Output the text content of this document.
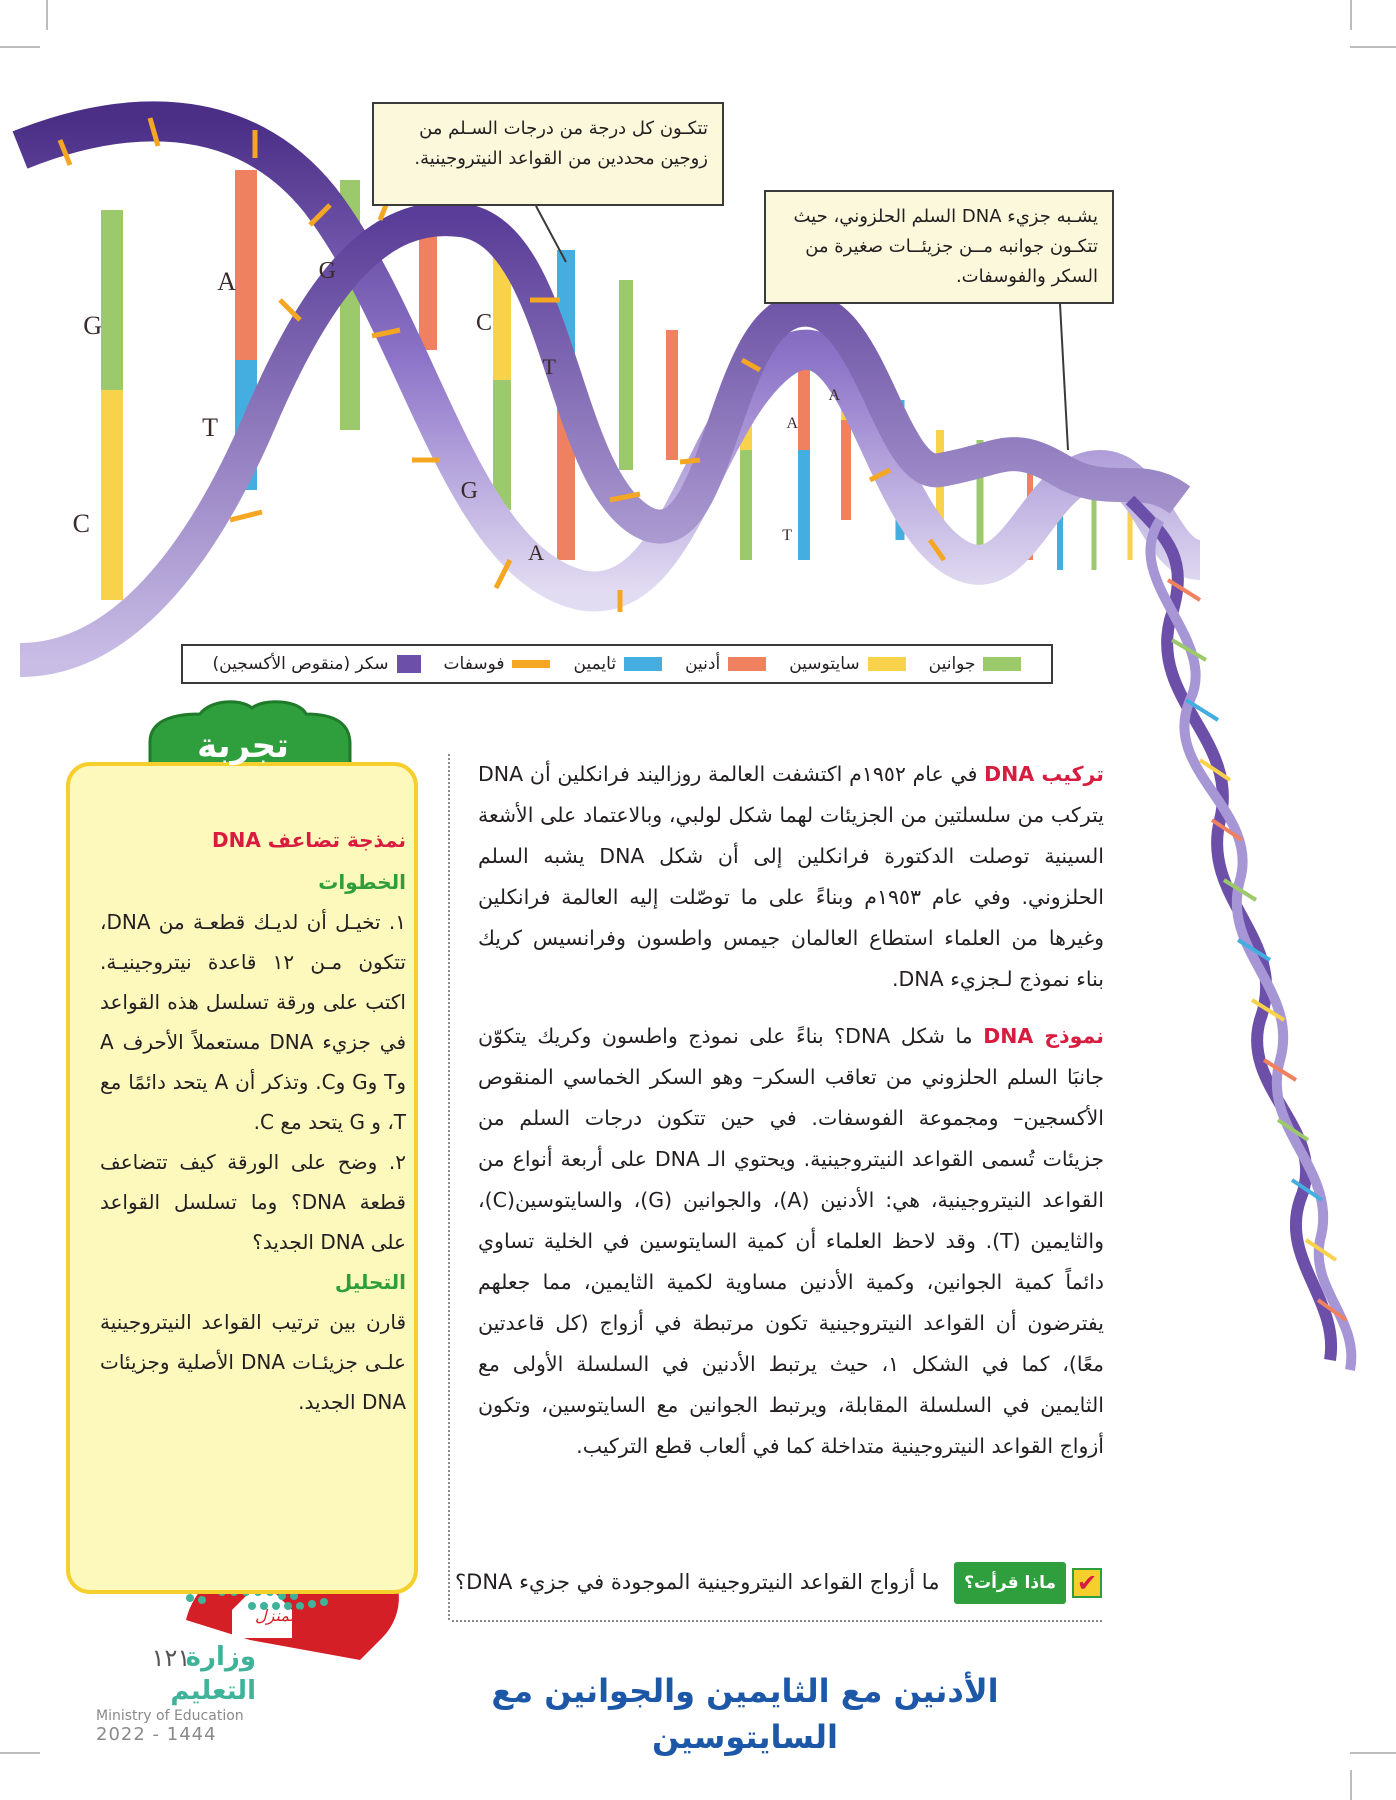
G
C
A
T
G
C
T
G
A
A
A
T
تتكـون كل درجة من درجات السـلم من زوجين محددين من القواعد النيتروجينية.
يشـبه جزيء DNA السلم الحلزوني، حيث تتكـون جوانبه مــن جزيئــات صغيرة من السكر والفوسفات.
جوانين
سايتوسين
أدنين
ثايمين
فوسفات
سكر (منقوص الأكسجين)

تركيب DNA في عام ١٩٥٢م اكتشفت العالمة روزاليند فرانكلين أن DNA يتركب من سلسلتين من الجزيئات لهما شكل لولبي، وبالاعتماد على الأشعة السينية توصلت الدكتورة فرانكلين إلى أن شكل DNA يشبه السلم الحلزوني. وفي عام ١٩٥٣م وبناءً على ما توصّلت إليه العالمة فرانكلين وغيرها من العلماء استطاع العالمان جيمس واطسون وفرانسيس كريك بناء نموذج لـجزيء DNA.

نموذج DNA ما شكل DNA؟ بناءً على نموذج واطسون وكريك يتكوّن جانبَا السلم الحلزوني من تعاقب السكر– وهو السكر الخماسي المنقوص الأكسجين– ومجموعة الفوسفات. في حين تتكون درجات السلم من جزيئات تُسمى القواعد النيتروجينية. ويحتوي الـ DNA على أربعة أنواع من القواعد النيتروجينية، هي: الأدنين (A)، والجوانين (G)، والسايتوسين(C)، والثايمين (T). وقد لاحظ العلماء أن كمية السايتوسين في الخلية تساوي دائماً كمية الجوانين، وكمية الأدنين مساوية لكمية الثايمين، مما جعلهم يفترضون أن القواعد النيتروجينية تكون مرتبطة في أزواج (كل قاعدتين معًا)، كما في الشكل ١، حيث يرتبط الأدنين في السلسلة الأولى مع الثايمين في السلسلة المقابلة، ويرتبط الجوانين مع السايتوسين، وتكون أزواج القواعد النيتروجينية متداخلة كما في ألعاب قطع التركيب.

✔
ماذا قرأت؟
ما أزواج القواعد النيتروجينية الموجودة في جزيء DNA؟
الأدنين مع الثايمين والجوانين مع السايتوسين
تجربة
نمذجة تضاعف DNA
الخطوات

١. تخيـل أن لديـك قطعـة من DNA، تتكون مـن ١٢ قاعدة نيتروجينيـة. اكتب على ورقة تسلسل هذه القواعد في جزيء DNA مستعملاً الأحرف A وT وG وC. وتذكر أن A يتحد دائمًا مع T، و G يتحد مع C.

٢. وضح على الورقة كيف تتضاعف قطعة DNA؟ وما تسلسل القواعد على DNA الجديد؟

التحليل

قارن بين ترتيب القواعد النيتروجينية علـى جزيئـات DNA الأصلية وجزيئات DNA الجديد.

في المنزل
وزارة التعليم
Ministry of Education
2022 - 1444
١٢١
